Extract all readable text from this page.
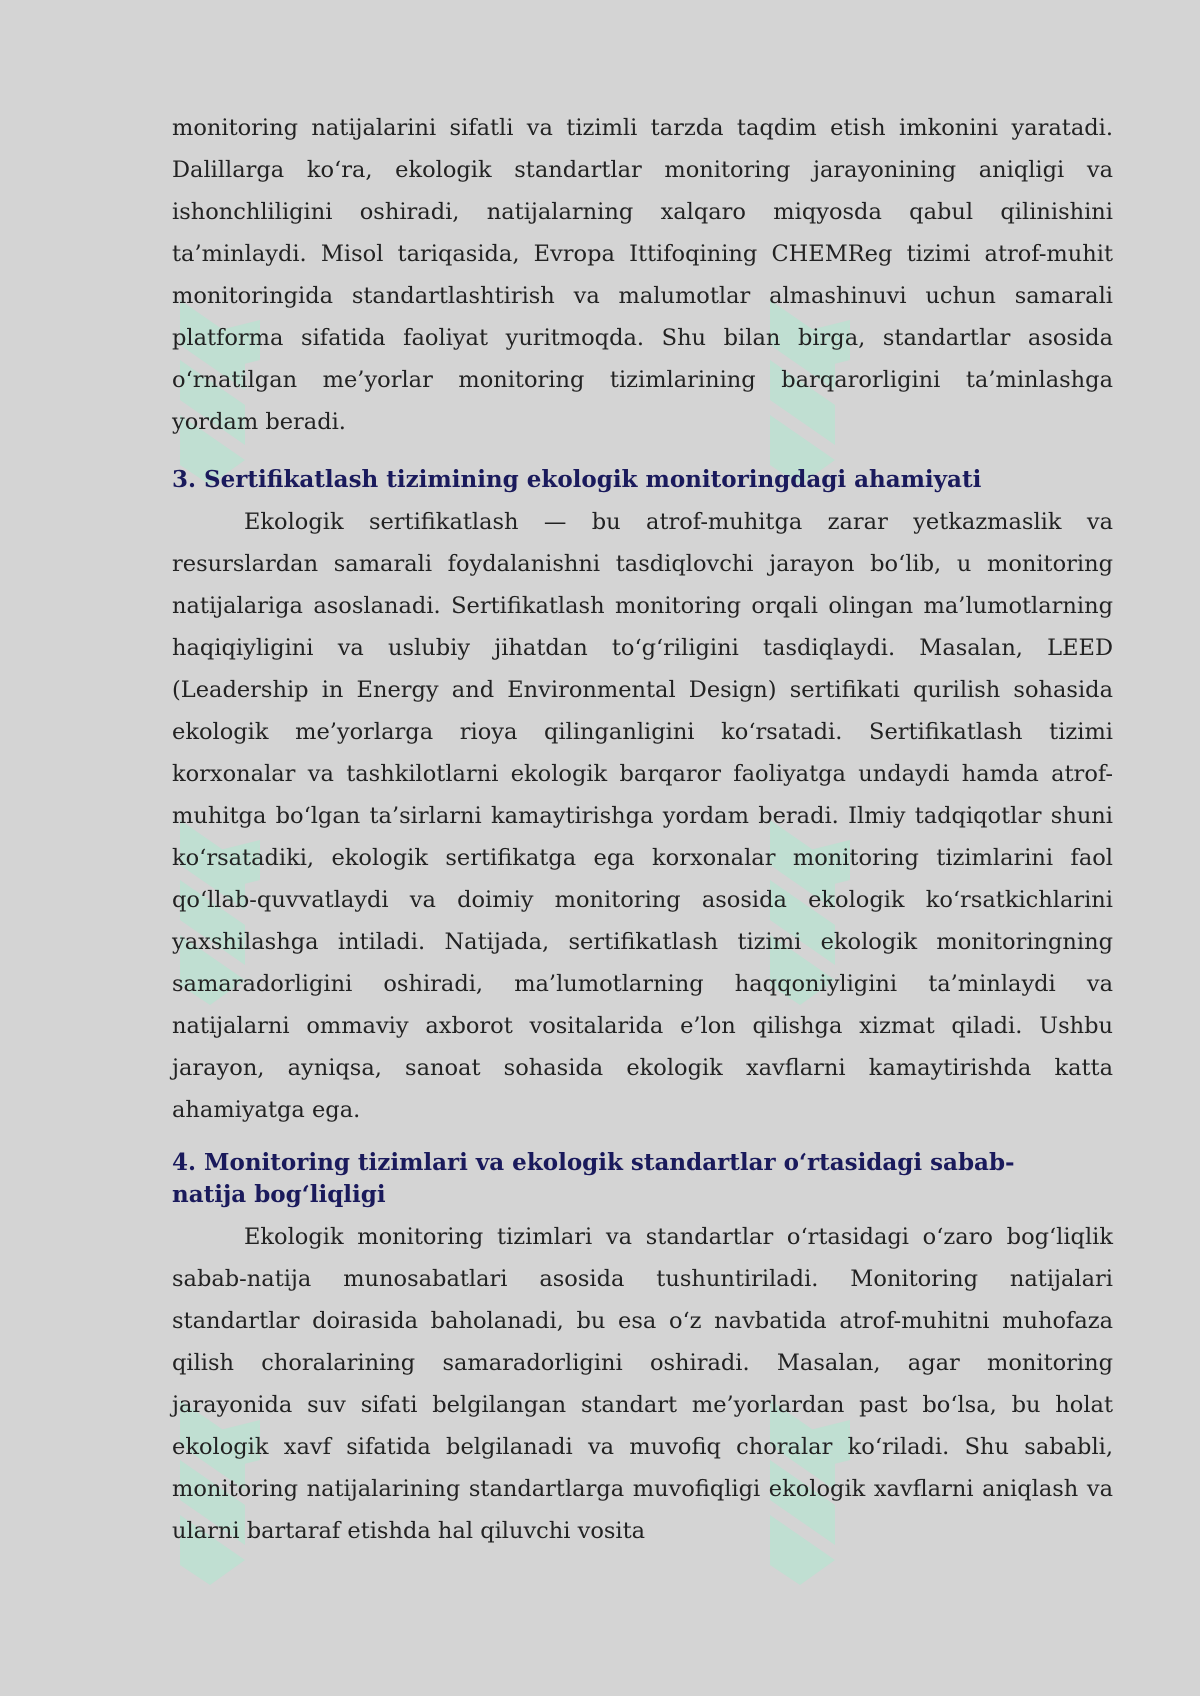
monitoring natijalarini sifatli va tizimli tarzda taqdim etish imkonini yaratadi. Dalillarga ko‘ra, ekologik standartlar monitoring jarayonining aniqligi va ishonchliligini oshiradi, natijalarning xalqaro miqyosda qabul qilinishini ta’minlaydi. Misol tariqasida, Evropa Ittifoqining CHEMReg tizimi atrof-muhit monitoringida standartlashtirish va malumotlar almashinuvi uchun samarali platforma sifatida faoliyat yuritmoqda. Shu bilan birga, standartlar asosida o‘rnatilgan me’yorlar monitoring tizimlarining barqarorligini ta’minlashga yordam beradi.

3. Sertifikatlash tizimining ekologik monitoringdagi ahamiyati

Ekologik sertifikatlash — bu atrof-muhitga zarar yetkazmaslik va resurslardan samarali foydalanishni tasdiqlovchi jarayon bo‘lib, u monitoring natijalariga asoslanadi. Sertifikatlash monitoring orqali olingan ma’lumotlarning haqiqiyligini va uslubiy jihatdan to‘g‘riligini tasdiqlaydi. Masalan, LEED (Leadership in Energy and Environmental Design) sertifikati qurilish sohasida ekologik me’yorlarga rioya qilinganligini ko‘rsatadi. Sertifikatlash tizimi korxonalar va tashkilotlarni ekologik barqaror faoliyatga undaydi hamda atrof-muhitga bo‘lgan ta’sirlarni kamaytirishga yordam beradi. Ilmiy tadqiqotlar shuni ko‘rsatadiki, ekologik sertifikatga ega korxonalar monitoring tizimlarini faol qo‘llab-quvvatlaydi va doimiy monitoring asosida ekologik ko‘rsatkichlarini yaxshilashga intiladi. Natijada, sertifikatlash tizimi ekologik monitoringning samaradorligini oshiradi, ma’lumotlarning haqqoniyligini ta’minlaydi va natijalarni ommaviy axborot vositalarida e’lon qilishga xizmat qiladi. Ushbu jarayon, ayniqsa, sanoat sohasida ekologik xavflarni kamaytirishda katta ahamiyatga ega.

4. Monitoring tizimlari va ekologik standartlar o‘rtasidagi sabab-
natija bog‘liqligi

Ekologik monitoring tizimlari va standartlar o‘rtasidagi o‘zaro bog‘liqlik sabab-natija munosabatlari asosida tushuntiriladi. Monitoring natijalari standartlar doirasida baholanadi, bu esa o‘z navbatida atrof-muhitni muhofaza qilish choralarining samaradorligini oshiradi. Masalan, agar monitoring jarayonida suv sifati belgilangan standart me’yorlardan past bo‘lsa, bu holat ekologik xavf sifatida belgilanadi va muvofiq choralar ko‘riladi. Shu sababli, monitoring natijalarining standartlarga muvofiqligi ekologik xavflarni aniqlash va ularni bartaraf etishda hal qiluvchi vosita
